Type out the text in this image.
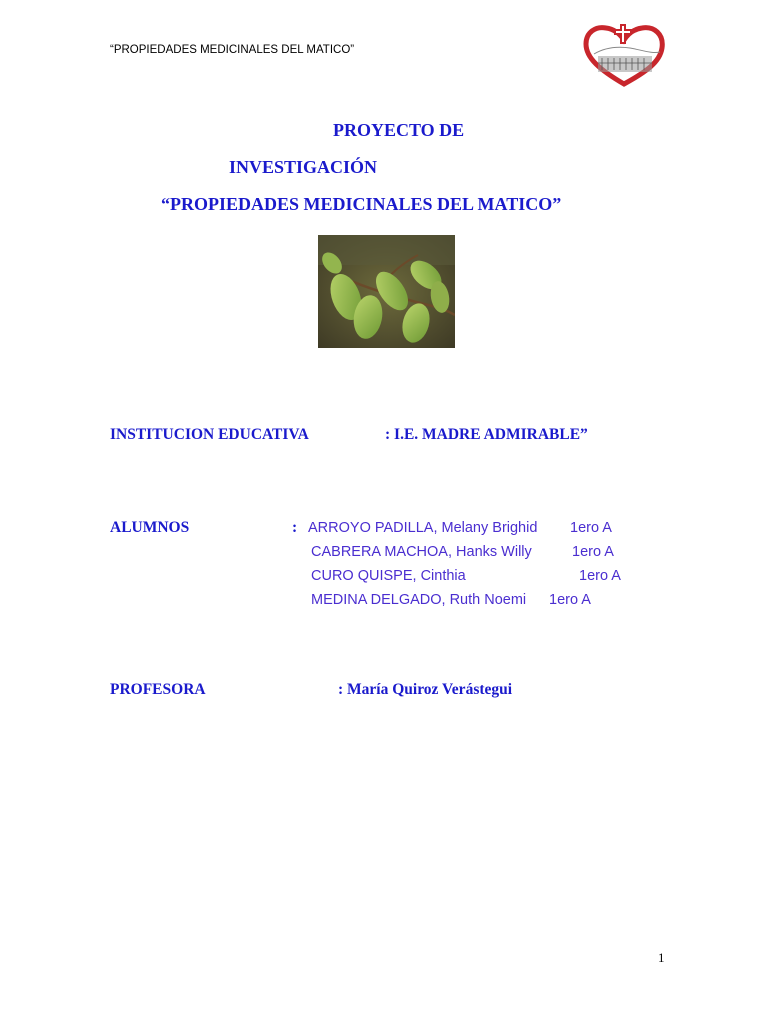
“PROPIEDADES MEDICINALES DEL MATICO”
PROYECTO DE
INVESTIGACIÓN
“PROPIEDADES MEDICINALES DEL MATICO”
INSTITUCION EDUCATIVA	: I.E. MADRE ADMIRABLE”
ALUMNOS	: ARROYO PADILLA, Melany Brighid 1ero A
CABRERA MACHOA, Hanks Willy	1ero A
CURO QUISPE, Cinthia	1ero A
MEDINA DELGADO, Ruth Noemi 1ero A
PROFESORA	: María Quiroz Verástegui
1
